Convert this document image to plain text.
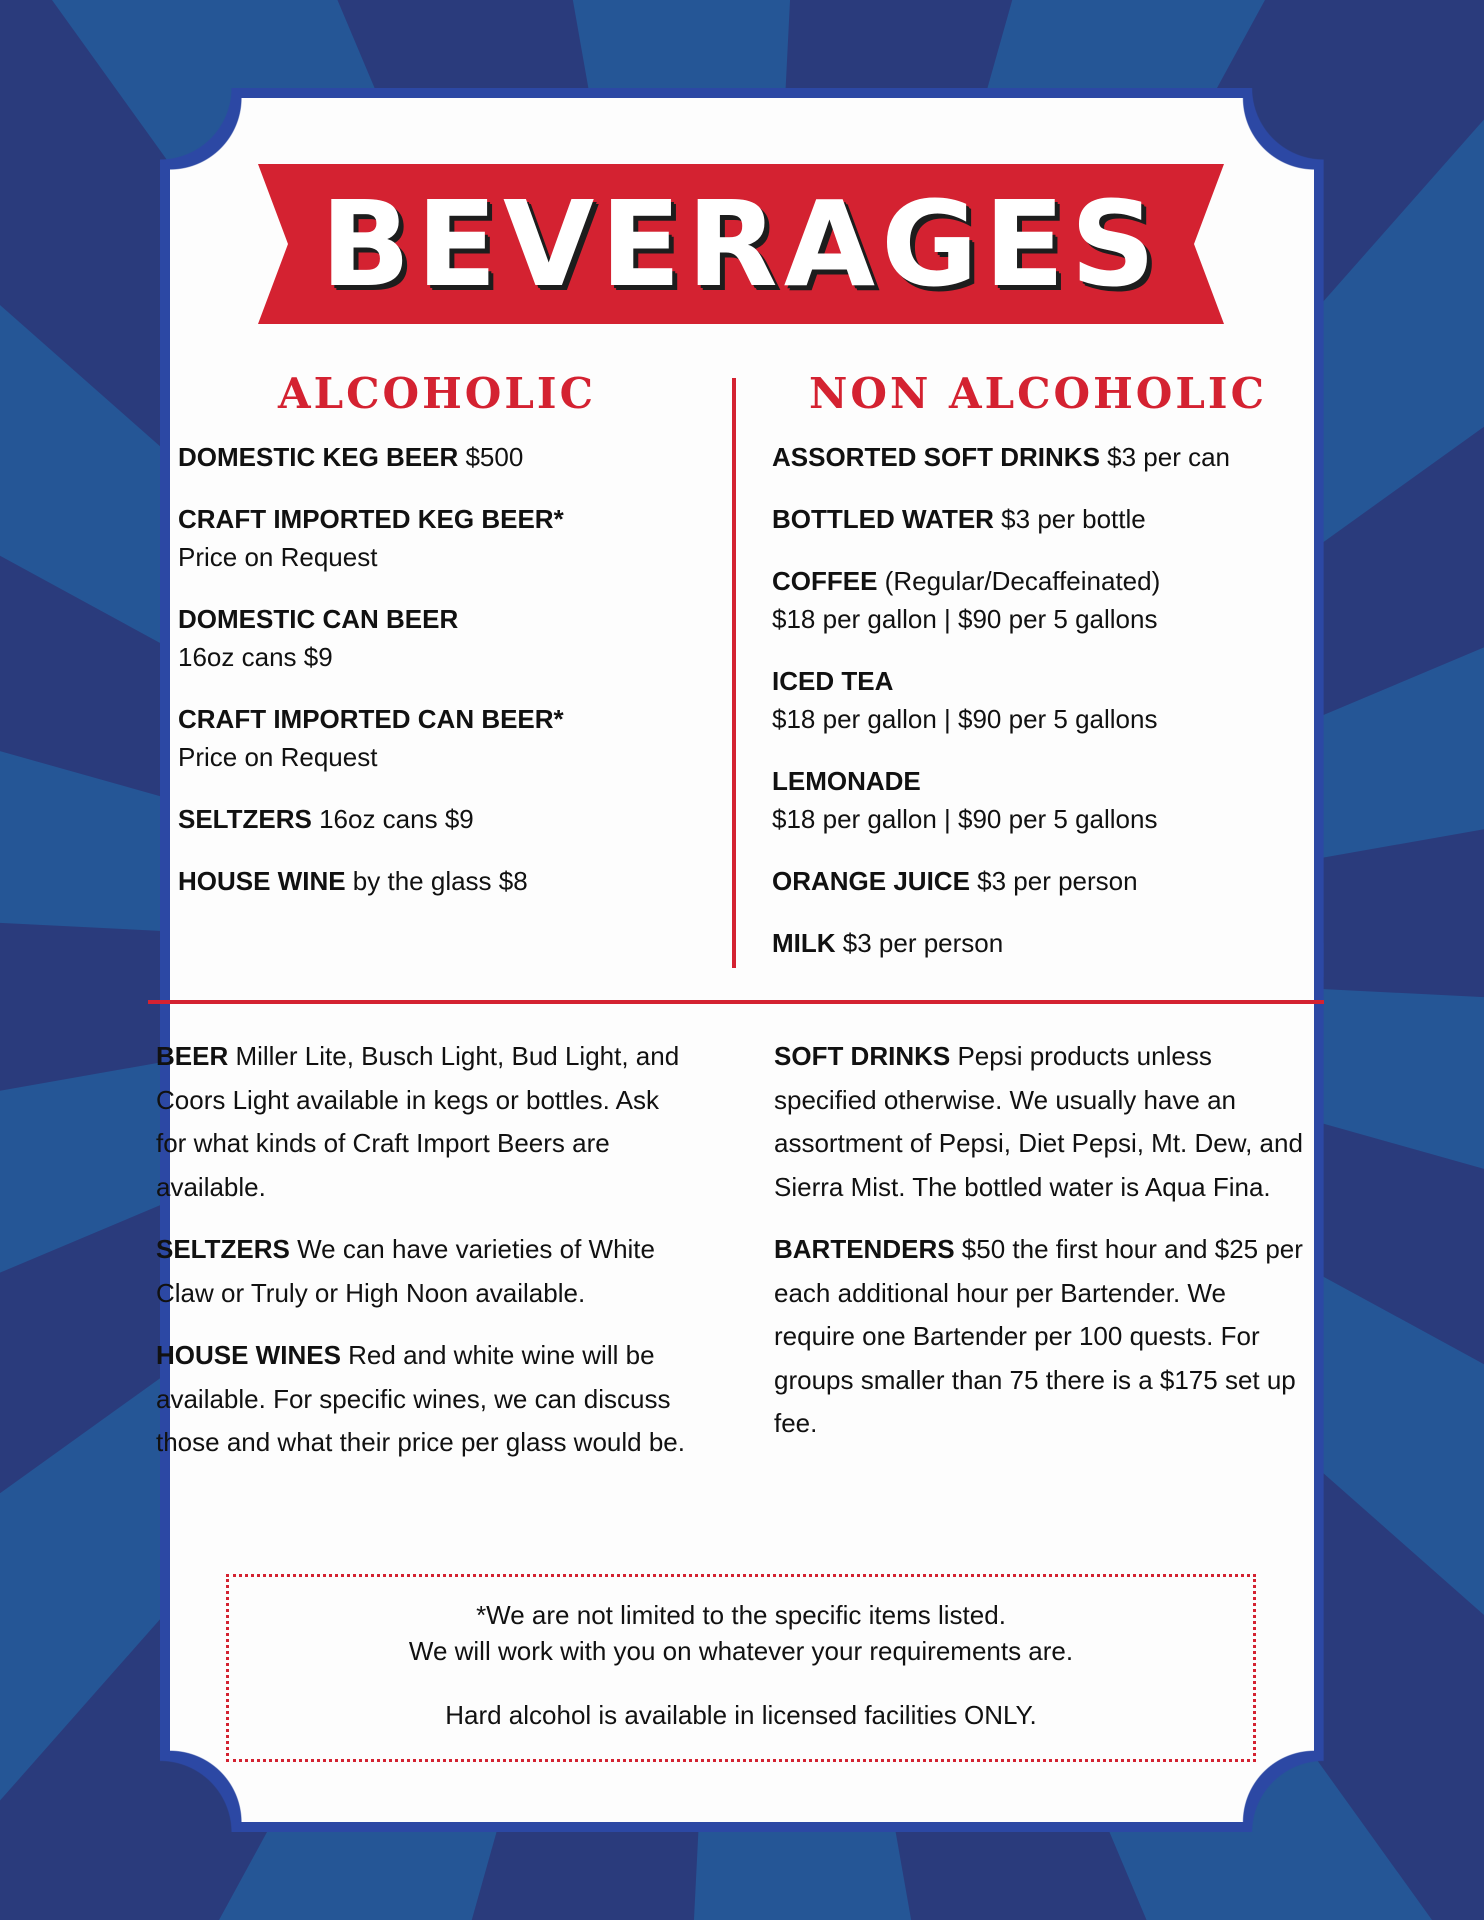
BEVERAGES
ALCOHOLIC	NON ALCOHOLIC
DOMESTIC KEG BEER $500
CRAFT IMPORTED KEG BEER*
Price on Request
DOMESTIC CAN BEER
16oz cans $9
CRAFT IMPORTED CAN BEER*
Price on Request
SELTZERS 16oz cans $9
HOUSE WINE by the glass $8
ASSORTED SOFT DRINKS $3 per can
BOTTLED WATER $3 per bottle
COFFEE (Regular/Decaffeinated)
$18 per gallon | $90 per 5 gallons
ICED TEA
$18 per gallon | $90 per 5 gallons
LEMONADE
$18 per gallon | $90 per 5 gallons
ORANGE JUICE $3 per person
MILK $3 per person

BEER Miller Lite, Busch Light, Bud Light, and Coors Light available in kegs or bottles. Ask for what kinds of Craft Import Beers are available.

SELTZERS We can have varieties of White Claw or Truly or High Noon available.

HOUSE WINES Red and white wine will be available. For specific wines, we can discuss those and what their price per glass would be.

SOFT DRINKS Pepsi products unless specified otherwise. We usually have an assortment of Pepsi, Diet Pepsi, Mt. Dew, and Sierra Mist. The bottled water is Aqua Fina.

BARTENDERS $50 the first hour and $25 per each additional hour per Bartender. We require one Bartender per 100 quests. For groups smaller than 75 there is a $175 set up fee.

*We are not limited to the specific items listed.
We will work with you on whatever your requirements are.
Hard alcohol is available in licensed facilities ONLY.
